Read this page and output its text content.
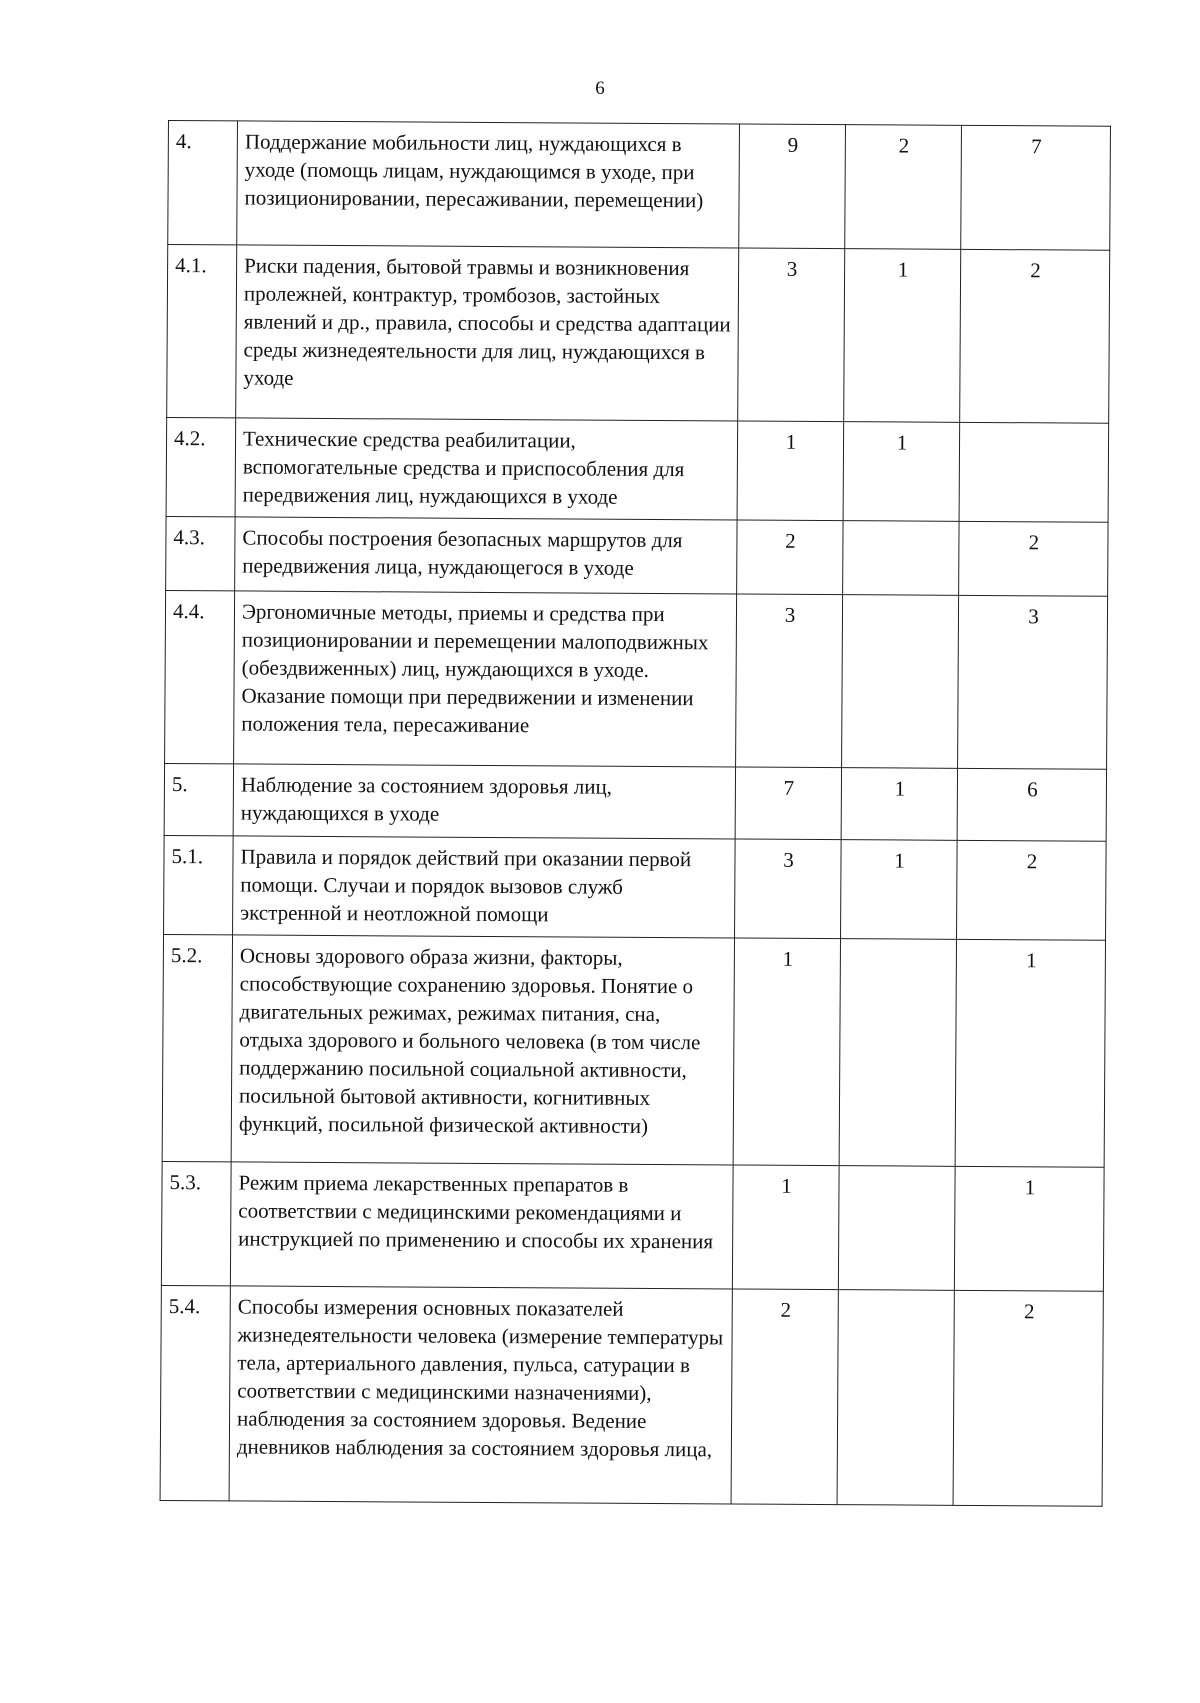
6
4.	Поддержание мобильности лиц, нуждающихся в уходе (помощь лицам, нуждающимся в уходе, при позиционировании, пересаживании, перемещении)	9	2	7
4.1.	Риски падения, бытовой травмы и возникновения пролежней, контрактур, тромбозов, застойных явлений и др., правила, способы и средства адаптации среды жизнедеятельности для лиц, нуждающихся в уходе	3	1	2
4.2.	Технические средства реабилитации, вспомогательные средства и приспособления для передвижения лиц, нуждающихся в уходе	1	1	
4.3.	Способы построения безопасных маршрутов для передвижения лица, нуждающегося в уходе	2		2
4.4.	Эргономичные методы, приемы и средства при позиционировании и перемещении малоподвижных (обездвиженных) лиц, нуждающихся в уходе. Оказание помощи при передвижении и изменении положения тела, пересаживание	3		3
5.	Наблюдение за состоянием здоровья лиц, нуждающихся в уходе	7	1	6
5.1.	Правила и порядок действий при оказании первой помощи. Случаи и порядок вызовов служб экстренной и неотложной помощи	3	1	2
5.2.	Основы здорового образа жизни, факторы, способствующие сохранению здоровья. Понятие о двигательных режимах, режимах питания, сна, отдыха здорового и больного человека (в том числе поддержанию посильной социальной активности, посильной бытовой активности, когнитивных функций, посильной физической активности)	1		1
5.3.	Режим приема лекарственных препаратов в соответствии с медицинскими рекомендациями и инструкцией по применению и способы их хранения	1		1
5.4.	Способы измерения основных показателей жизнедеятельности человека (измерение температуры тела, артериального давления, пульса, сатурации в соответствии с медицинскими назначениями), наблюдения за состоянием здоровья. Ведение дневников наблюдения за состоянием здоровья лица,	2		2
